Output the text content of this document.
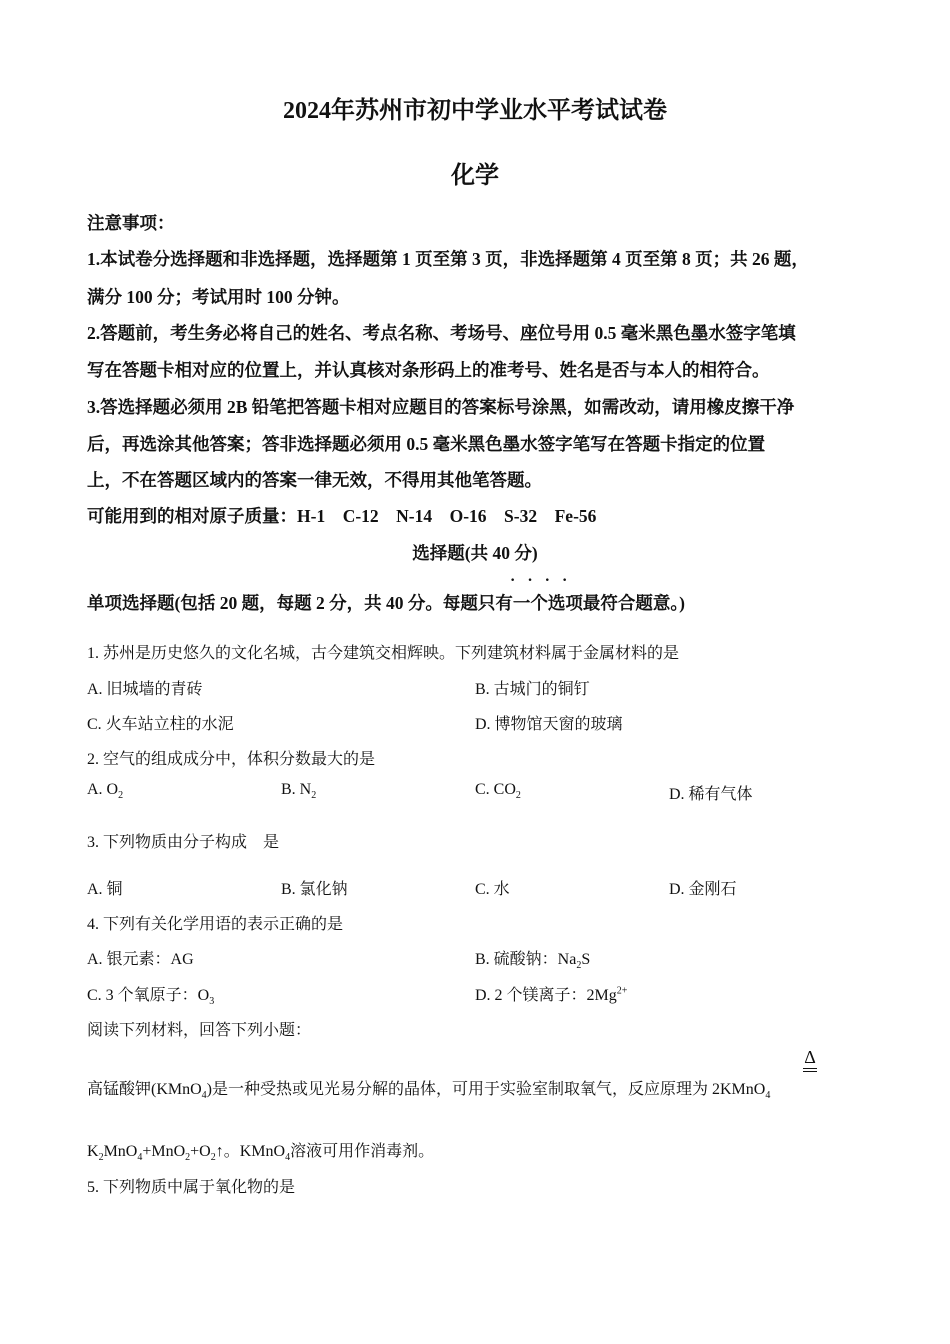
2024年苏州市初中学业水平考试试卷
化学
注意事项：
1.本试卷分选择题和非选择题，选择题第 1 页至第 3 页，非选择题第 4 页至第 8 页；共 26 题，
满分 100 分；考试用时 100 分钟。
2.答题前，考生务必将自己的姓名、考点名称、考场号、座位号用 0.5 毫米黑色墨水签字笔填
写在答题卡相对应的位置上，并认真核对条形码上的准考号、姓名是否与本人的相符合。
3.答选择题必须用 2B 铅笔把答题卡相对应题目的答案标号涂黑，如需改动，请用橡皮擦干净
后，再选涂其他答案；答非选择题必须用 0.5 毫米黑色墨水签字笔写在答题卡指定的位置
上，不在答题区域内的答案一律无效，不得用其他笔答题。
可能用到的相对原子质量：H-1    C-12    N-14    O-16    S-32    Fe-56
选择题(共 40 分)
····
单项选择题(包括 20 题，每题 2 分，共 40 分。每题只有一个选项最符合题意。)
1. 苏州是历史悠久的文化名城，古今建筑交相辉映。下列建筑材料属于金属材料的是
A. 旧城墙的青砖	B. 古城门的铜钉
C. 火车站立柱的水泥	D. 博物馆天窗的玻璃
2. 空气的组成成分中，体积分数最大的是
A. $O_2$	B. $N_2$	C. $CO_2$	D. 稀有气体
3. 下列物质由分子构成    是
A. 铜	B. 氯化钠	C. 水	D. 金刚石
4. 下列有关化学用语的表示正确的是
A. 银元素：AG	B. 硫酸钠：$Na_2S$
C. 3 个氧原子：$O_3$	D. 2 个镁离子：$2Mg^{2+}$
阅读下列材料，回答下列小题：
Δ
高锰酸钾(KMnO$_4$)是一种受热或见光易分解的晶体，可用于实验室制取氧气，反应原理为 2KMnO$_4$
$K_2MnO_4+MnO_2+O_2↑$。KMnO$_4$溶液可用作消毒剂。
5. 下列物质中属于氧化物的是
